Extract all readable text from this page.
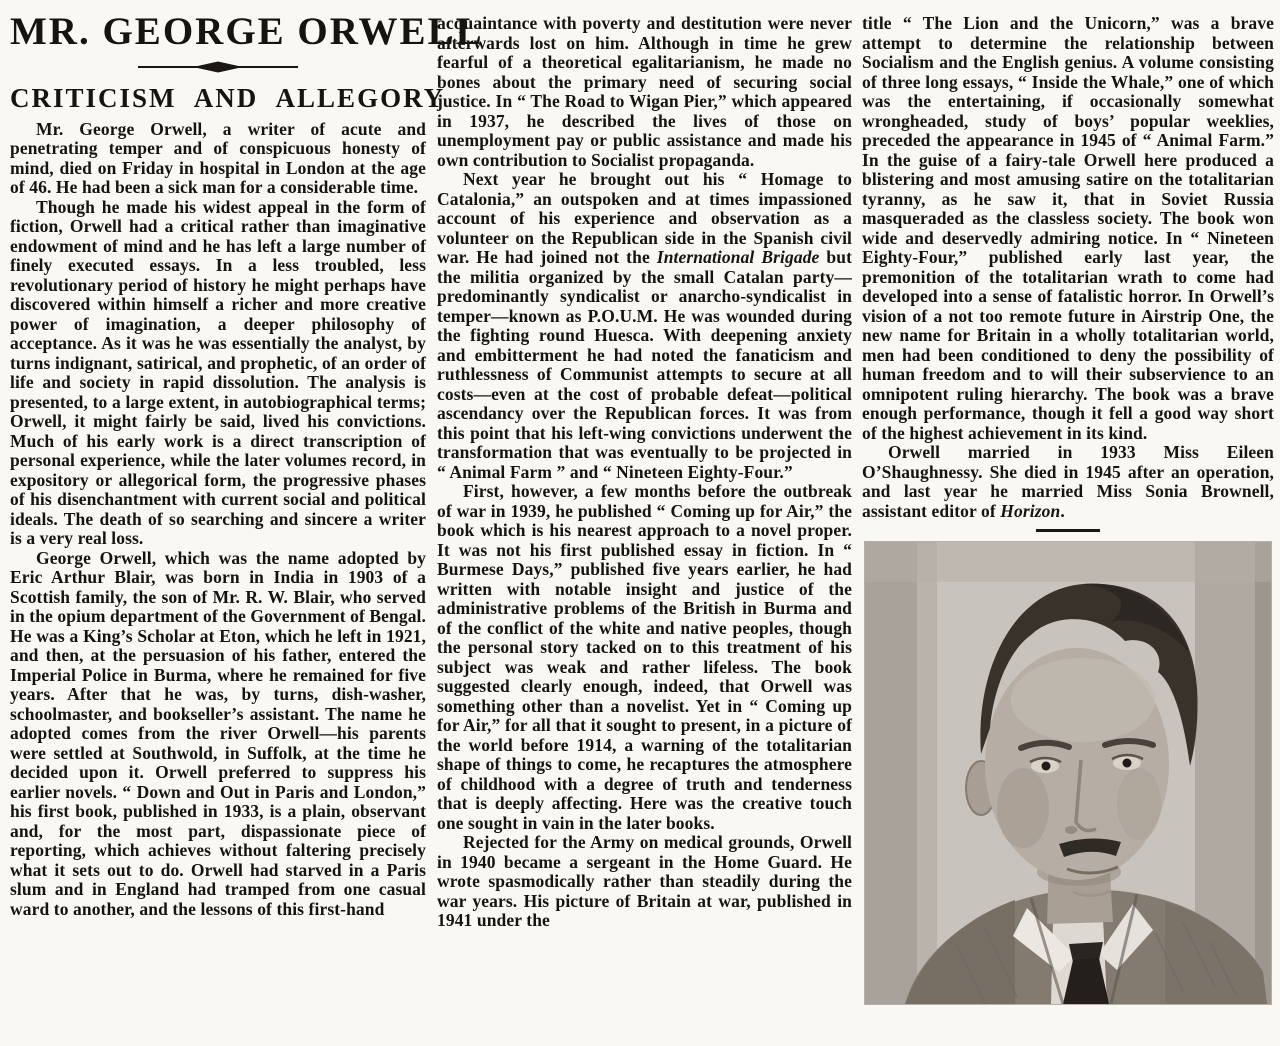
MR. GEORGE ORWELL
CRITICISM AND ALLEGORY

Mr. George Orwell, a writer of acute and penetrating temper and of conspicuous honesty of mind, died on Friday in hospital in London at the age of 46. He had been a sick man for a considerable time.

Though he made his widest appeal in the form of fiction, Orwell had a critical rather than imaginative endowment of mind and he has left a large number of finely executed essays. In a less troubled, less revolutionary period of history he might perhaps have discovered within himself a richer and more creative power of imagination, a deeper philosophy of acceptance. As it was he was essentially the analyst, by turns indignant, satirical, and prophetic, of an order of life and society in rapid dissolution. The analysis is presented, to a large extent, in autobiographical terms; Orwell, it might fairly be said, lived his convictions. Much of his early work is a direct transcription of personal experience, while the later volumes record, in expository or allegorical form, the progressive phases of his disenchantment with current social and political ideals. The death of so searching and sincere a writer is a very real loss.

George Orwell, which was the name adopted by Eric Arthur Blair, was born in India in 1903 of a Scottish family, the son of Mr. R. W. Blair, who served in the opium department of the Government of Bengal. He was a King’s Scholar at Eton, which he left in 1921, and then, at the persuasion of his father, entered the Imperial Police in Burma, where he remained for five years. After that he was, by turns, dish-washer, schoolmaster, and bookseller’s assistant. The name he adopted comes from the river Orwell—his parents were settled at Southwold, in Suffolk, at the time he decided upon it. Orwell preferred to suppress his earlier novels. “ Down and Out in Paris and London,” his first book, published in 1933, is a plain, observant and, for the most part, dispassionate piece of reporting, which achieves without faltering precisely what it sets out to do. Orwell had starved in a Paris slum and in England had tramped from one casual ward to another, and the lessons of this first-hand

acquaintance with poverty and destitution were never afterwards lost on him. Although in time he grew fearful of a theoretical egalitarianism, he made no bones about the primary need of securing social justice. In “ The Road to Wigan Pier,” which appeared in 1937, he described the lives of those on unemployment pay or public assistance and made his own contribution to Socialist propaganda.

Next year he brought out his “ Homage to Catalonia,” an outspoken and at times impassioned account of his experience and observation as a volunteer on the Republican side in the Spanish civil war. He had joined not the International Brigade but the militia organized by the small Catalan party—predominantly syndicalist or anarcho-syndicalist in temper—known as P.O.U.M. He was wounded during the fighting round Huesca. With deepening anxiety and embitterment he had noted the fanaticism and ruthlessness of Communist attempts to secure at all costs—even at the cost of probable defeat—political ascendancy over the Republican forces. It was from this point that his left-wing convictions underwent the transformation that was eventually to be projected in “ Animal Farm ” and “ Nineteen Eighty-Four.”

First, however, a few months before the outbreak of war in 1939, he published “ Coming up for Air,” the book which is his nearest approach to a novel proper. It was not his first published essay in fiction. In “ Burmese Days,” published five years earlier, he had written with notable insight and justice of the administrative problems of the British in Burma and of the conflict of the white and native peoples, though the personal story tacked on to this treatment of his subject was weak and rather lifeless. The book suggested clearly enough, indeed, that Orwell was something other than a novelist. Yet in “ Coming up for Air,” for all that it sought to present, in a picture of the world before 1914, a warning of the totalitarian shape of things to come, he recaptures the atmosphere of childhood with a degree of truth and tenderness that is deeply affecting. Here was the creative touch one sought in vain in the later books.

Rejected for the Army on medical grounds, Orwell in 1940 became a sergeant in the Home Guard. He wrote spasmodically rather than steadily during the war years. His picture of Britain at war, published in 1941 under the

title “ The Lion and the Unicorn,” was a brave attempt to determine the relationship between Socialism and the English genius. A volume consisting of three long essays, “ Inside the Whale,” one of which was the entertaining, if occasionally somewhat wrongheaded, study of boys’ popular weeklies, preceded the appearance in 1945 of “ Animal Farm.” In the guise of a fairy-tale Orwell here produced a blistering and most amusing satire on the totalitarian tyranny, as he saw it, that in Soviet Russia masqueraded as the classless society. The book won wide and deservedly admiring notice. In “ Nineteen Eighty-Four,” published early last year, the premonition of the totalitarian wrath to come had developed into a sense of fatalistic horror. In Orwell’s vision of a not too remote future in Airstrip One, the new name for Britain in a wholly totalitarian world, men had been conditioned to deny the possibility of human freedom and to will their subservience to an omnipotent ruling hierarchy. The book was a brave enough performance, though it fell a good way short of the highest achievement in its kind.

Orwell married in 1933 Miss Eileen O’Shaughnessy. She died in 1945 after an operation, and last year he married Miss Sonia Brownell, assistant editor of Horizon.
